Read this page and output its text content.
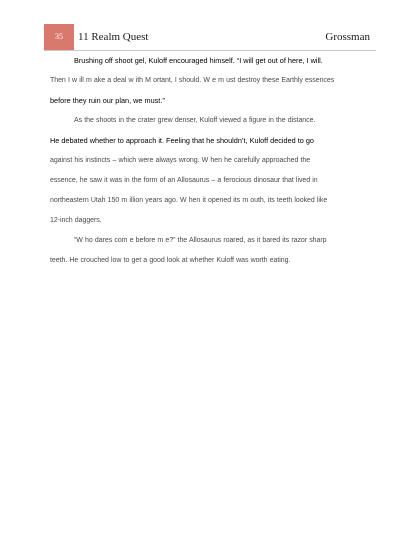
35 11 Realm Quest	Grossman
Brushing off shoot gel, Kuloff encouraged himself. “I will get out of here, I will.
Then I w ill m ake a deal w ith M ortant, I should. W e m ust destroy these Earthly essences
before they ruin our plan, we must.”
As the shoots in the crater grew denser, Kuloff viewed a figure in the distance.
He debated whether to approach it. Feeling that he shouldn’t, Kuloff decided to go
against his instincts – which were always wrong. W hen he carefully approached the
essence, he saw it was in the form of an Allosaurus – a ferocious dinosaur that lived in
northeastern Utah 150 m illion years ago. W hen it opened its m outh, its teeth looked like
12-inch daggers.
“W ho dares com e before m e?” the Allosaurus roared, as it bared its razor sharp
teeth. He crouched low to get a good look at whether Kuloff was worth eating.
